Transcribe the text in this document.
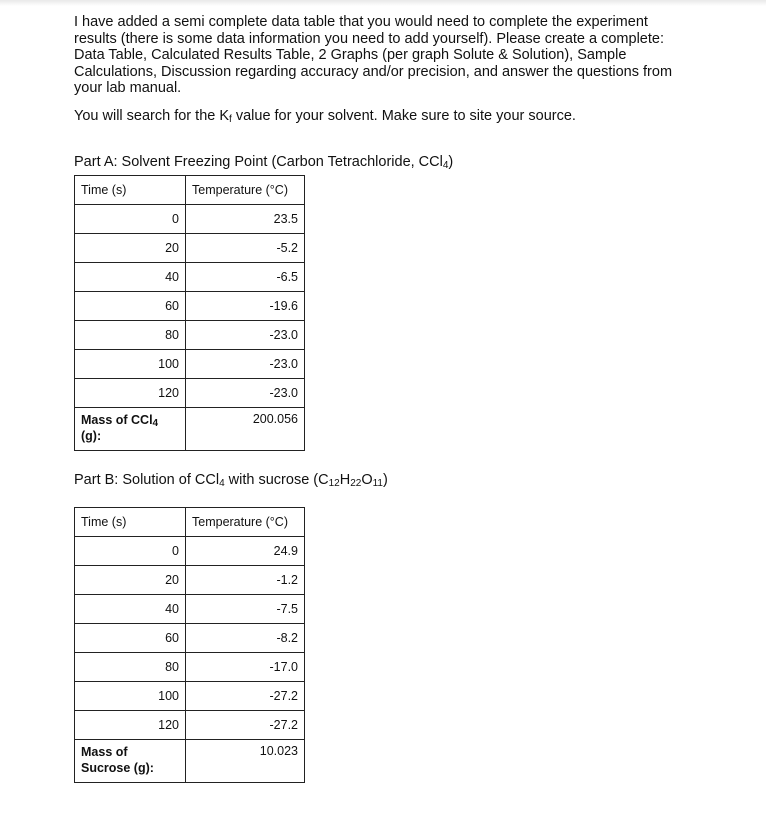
I have added a semi complete data table that you would need to complete the experiment results (there is some data information you need to add yourself). Please create a complete: Data Table, Calculated Results Table, 2 Graphs (per graph Solute & Solution), Sample Calculations, Discussion regarding accuracy and/or precision, and answer the questions from your lab manual.

You will search for the $K_f$ value for your solvent. Make sure to site your source.

Part A: Solvent Freezing Point (Carbon Tetrachloride, CCl$_4$)

Time (s)	Temperature (°C)
0	23.5
20	-5.2
40	-6.5
60	-19.6
80	-23.0
100	-23.0
120	-23.0
Mass of CCl$_4$
(g):	200.056

Part B: Solution of CCl$_4$ with sucrose $(C_{12}H_{22}O_{11})$

Time (s)	Temperature (°C)
0	24.9
20	-1.2
40	-7.5
60	-8.2
80	-17.0
100	-27.2
120	-27.2
Mass of
Sucrose (g):	10.023
